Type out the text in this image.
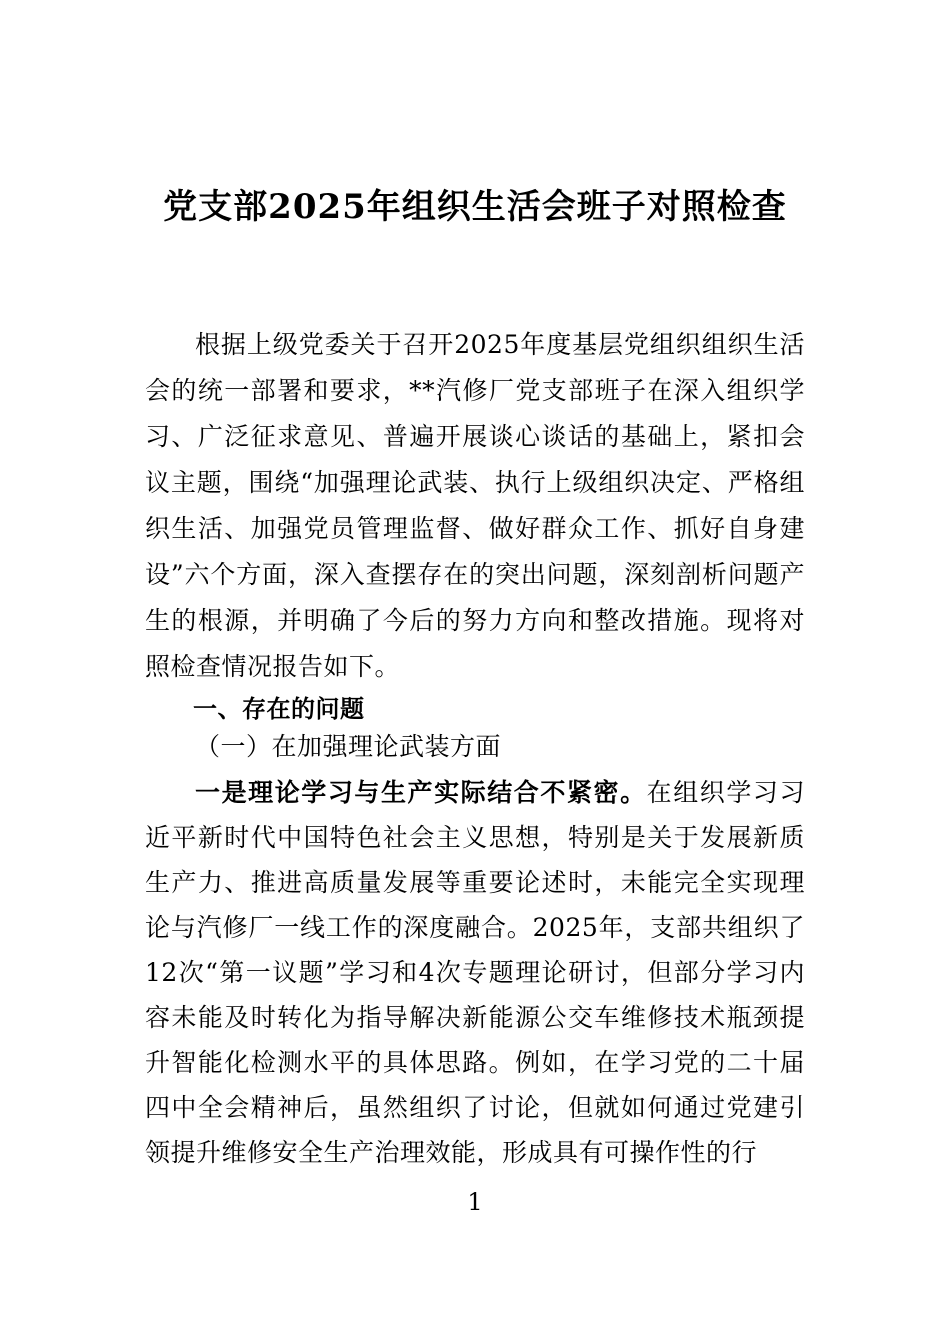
党支部2025年组织生活会班子对照检查

根据上级党委关于召开2025年度基层党组织组织生活会的统一部署和要求，**汽修厂党支部班子在深入组织学习、广泛征求意见、普遍开展谈心谈话的基础上，紧扣会议主题，围绕“加强理论武装、执行上级组织决定、严格组织生活、加强党员管理监督、做好群众工作、抓好自身建设”六个方面，深入查摆存在的突出问题，深刻剖析问题产生的根源，并明确了今后的努力方向和整改措施。现将对照检查情况报告如下。

一、存在的问题
（一）在加强理论武装方面

一是理论学习与生产实际结合不紧密。在组织学习习近平新时代中国特色社会主义思想，特别是关于发展新质生产力、推进高质量发展等重要论述时，未能完全实现理论与汽修厂一线工作的深度融合。2025年，支部共组织了12次“第一议题”学习和4次专题理论研讨，但部分学习内容未能及时转化为指导解决新能源公交车维修技术瓶颈提升智能化检测水平的具体思路。例如，在学习党的二十届四中全会精神后，虽然组织了讨论，但就如何通过党建引领提升维修安全生产治理效能，形成具有可操作性的行

1
